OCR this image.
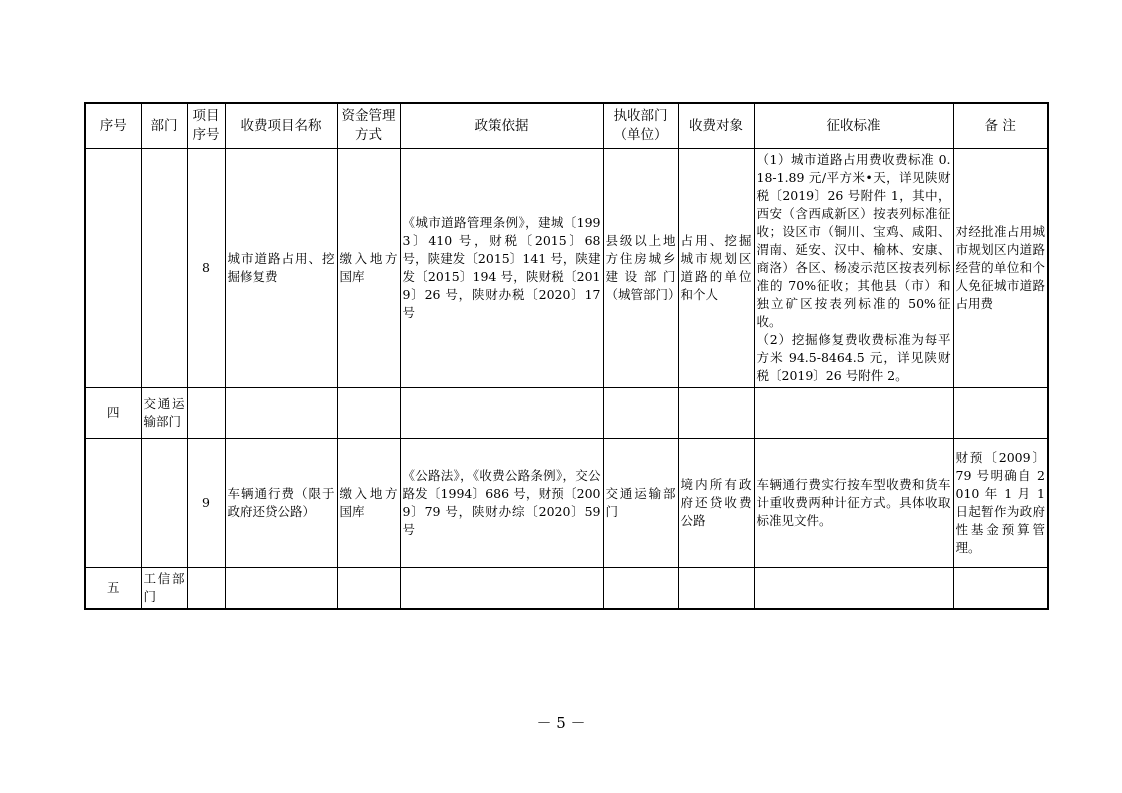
序号	部门	项目序号	收费项目名称	资金管理方式	政策依据	执收部门（单位）	收费对象	征收标准	备 注
		8	城市道路占用、挖掘修复费	缴入地方国库	《城市道路管理条例》，建城〔1993〕410 号，财税〔2015〕68 号，陕建发〔2015〕141 号，陕建发〔2015〕194 号，陕财税〔2019〕26 号，陕财办税〔2020〕17 号	县级以上地方住房城乡建设部门（城管部门）	占用、挖掘城市规划区道路的单位和个人	（1）城市道路占用费收费标准 0.18-1.89 元/平方米•天，详见陕财税〔2019〕26 号附件 1，其中，西安（含西咸新区）按表列标准征收；设区市（铜川、宝鸡、咸阳、渭南、延安、汉中、榆林、安康、商洛）各区、杨凌示范区按表列标准的 70%征收；其他县（市）和独立矿区按表列标准的 50%征收。
（2）挖掘修复费收费标准为每平方米 94.5-8464.5 元，详见陕财税〔2019〕26 号附件 2。	对经批准占用城市规划区内道路经营的单位和个人免征城市道路占用费
四	交通运输部门								
		9	车辆通行费（限于政府还贷公路）	缴入地方国库	《公路法》，《收费公路条例》，交公路发〔1994〕686 号，财预〔2009〕79 号，陕财办综〔2020〕59 号	交通运输部门	境内所有政府还贷收费公路	车辆通行费实行按车型收费和货车计重收费两种计征方式。具体收取标准见文件。	财预〔2009〕79 号明确自 2010 年 1 月 1 日起暂作为政府性基金预算管理。
五	工信部门								
－ 5 －
